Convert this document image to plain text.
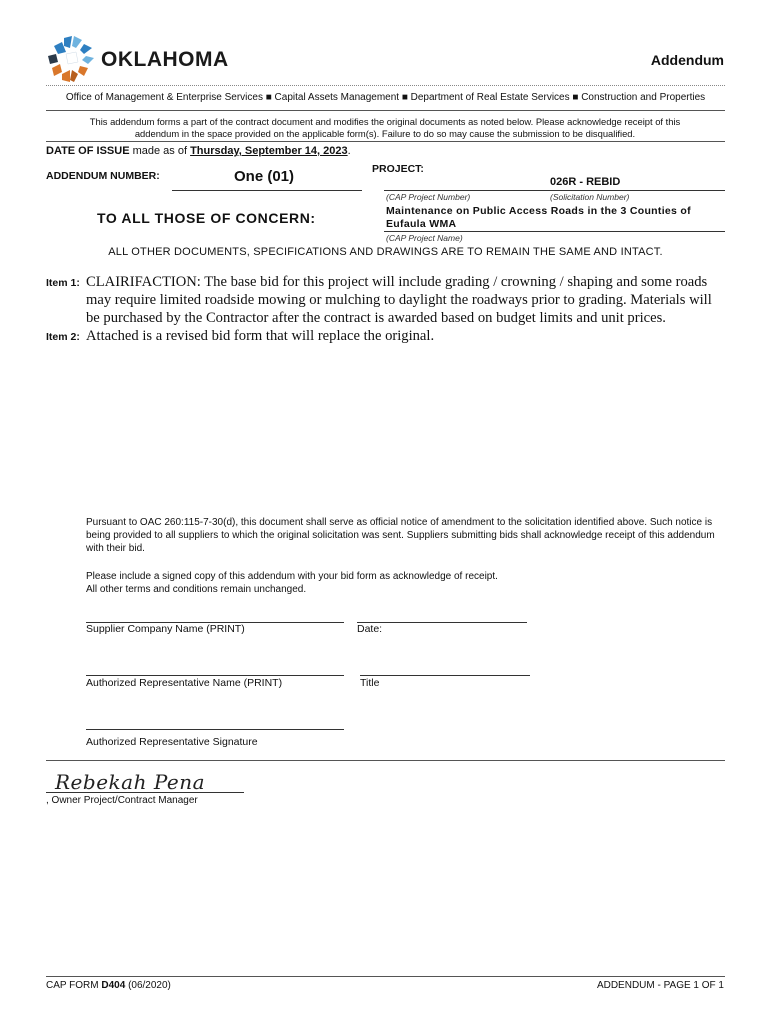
OKLAHOMA	Addendum
Office of Management & Enterprise Services ■ Capital Assets Management ■ Department of Real Estate Services ■ Construction and Properties
This addendum forms a part of the contract document and modifies the original documents as noted below. Please acknowledge receipt of this
addendum in the space provided on the applicable form(s). Failure to do so may cause the submission to be disqualified.
DATE OF ISSUE made as of Thursday, September 14, 2023.
ADDENDUM NUMBER:	One (01)	PROJECT:
026R - REBID
(CAP Project Number)	(Solicitation Number)
TO ALL THOSE OF CONCERN:	Maintenance on Public Access Roads in the 3 Counties of Eufaula WMA
(CAP Project Name)
ALL OTHER DOCUMENTS, SPECIFICATIONS AND DRAWINGS ARE TO REMAIN THE SAME AND INTACT.
Item 1: CLAIRIFACTION: The base bid for this project will include grading / crowning / shaping and some roads may require limited roadside mowing or mulching to daylight the roadways prior to grading. Materials will be purchased by the Contractor after the contract is awarded based on budget limits and unit prices.
Item 2: Attached is a revised bid form that will replace the original.
Pursuant to OAC 260:115-7-30(d), this document shall serve as official notice of amendment to the solicitation identified above. Such notice is being provided to all suppliers to which the original solicitation was sent. Suppliers submitting bids shall acknowledge receipt of this addendum with their bid.
Please include a signed copy of this addendum with your bid form as acknowledge of receipt.
All other terms and conditions remain unchanged.
Supplier Company Name (PRINT)	Date:
Authorized Representative Name (PRINT)	Title
Authorized Representative Signature
Rebekah Pena
, Owner Project/Contract Manager
CAP FORM D404 (06/2020)	ADDENDUM - PAGE 1 OF 1
